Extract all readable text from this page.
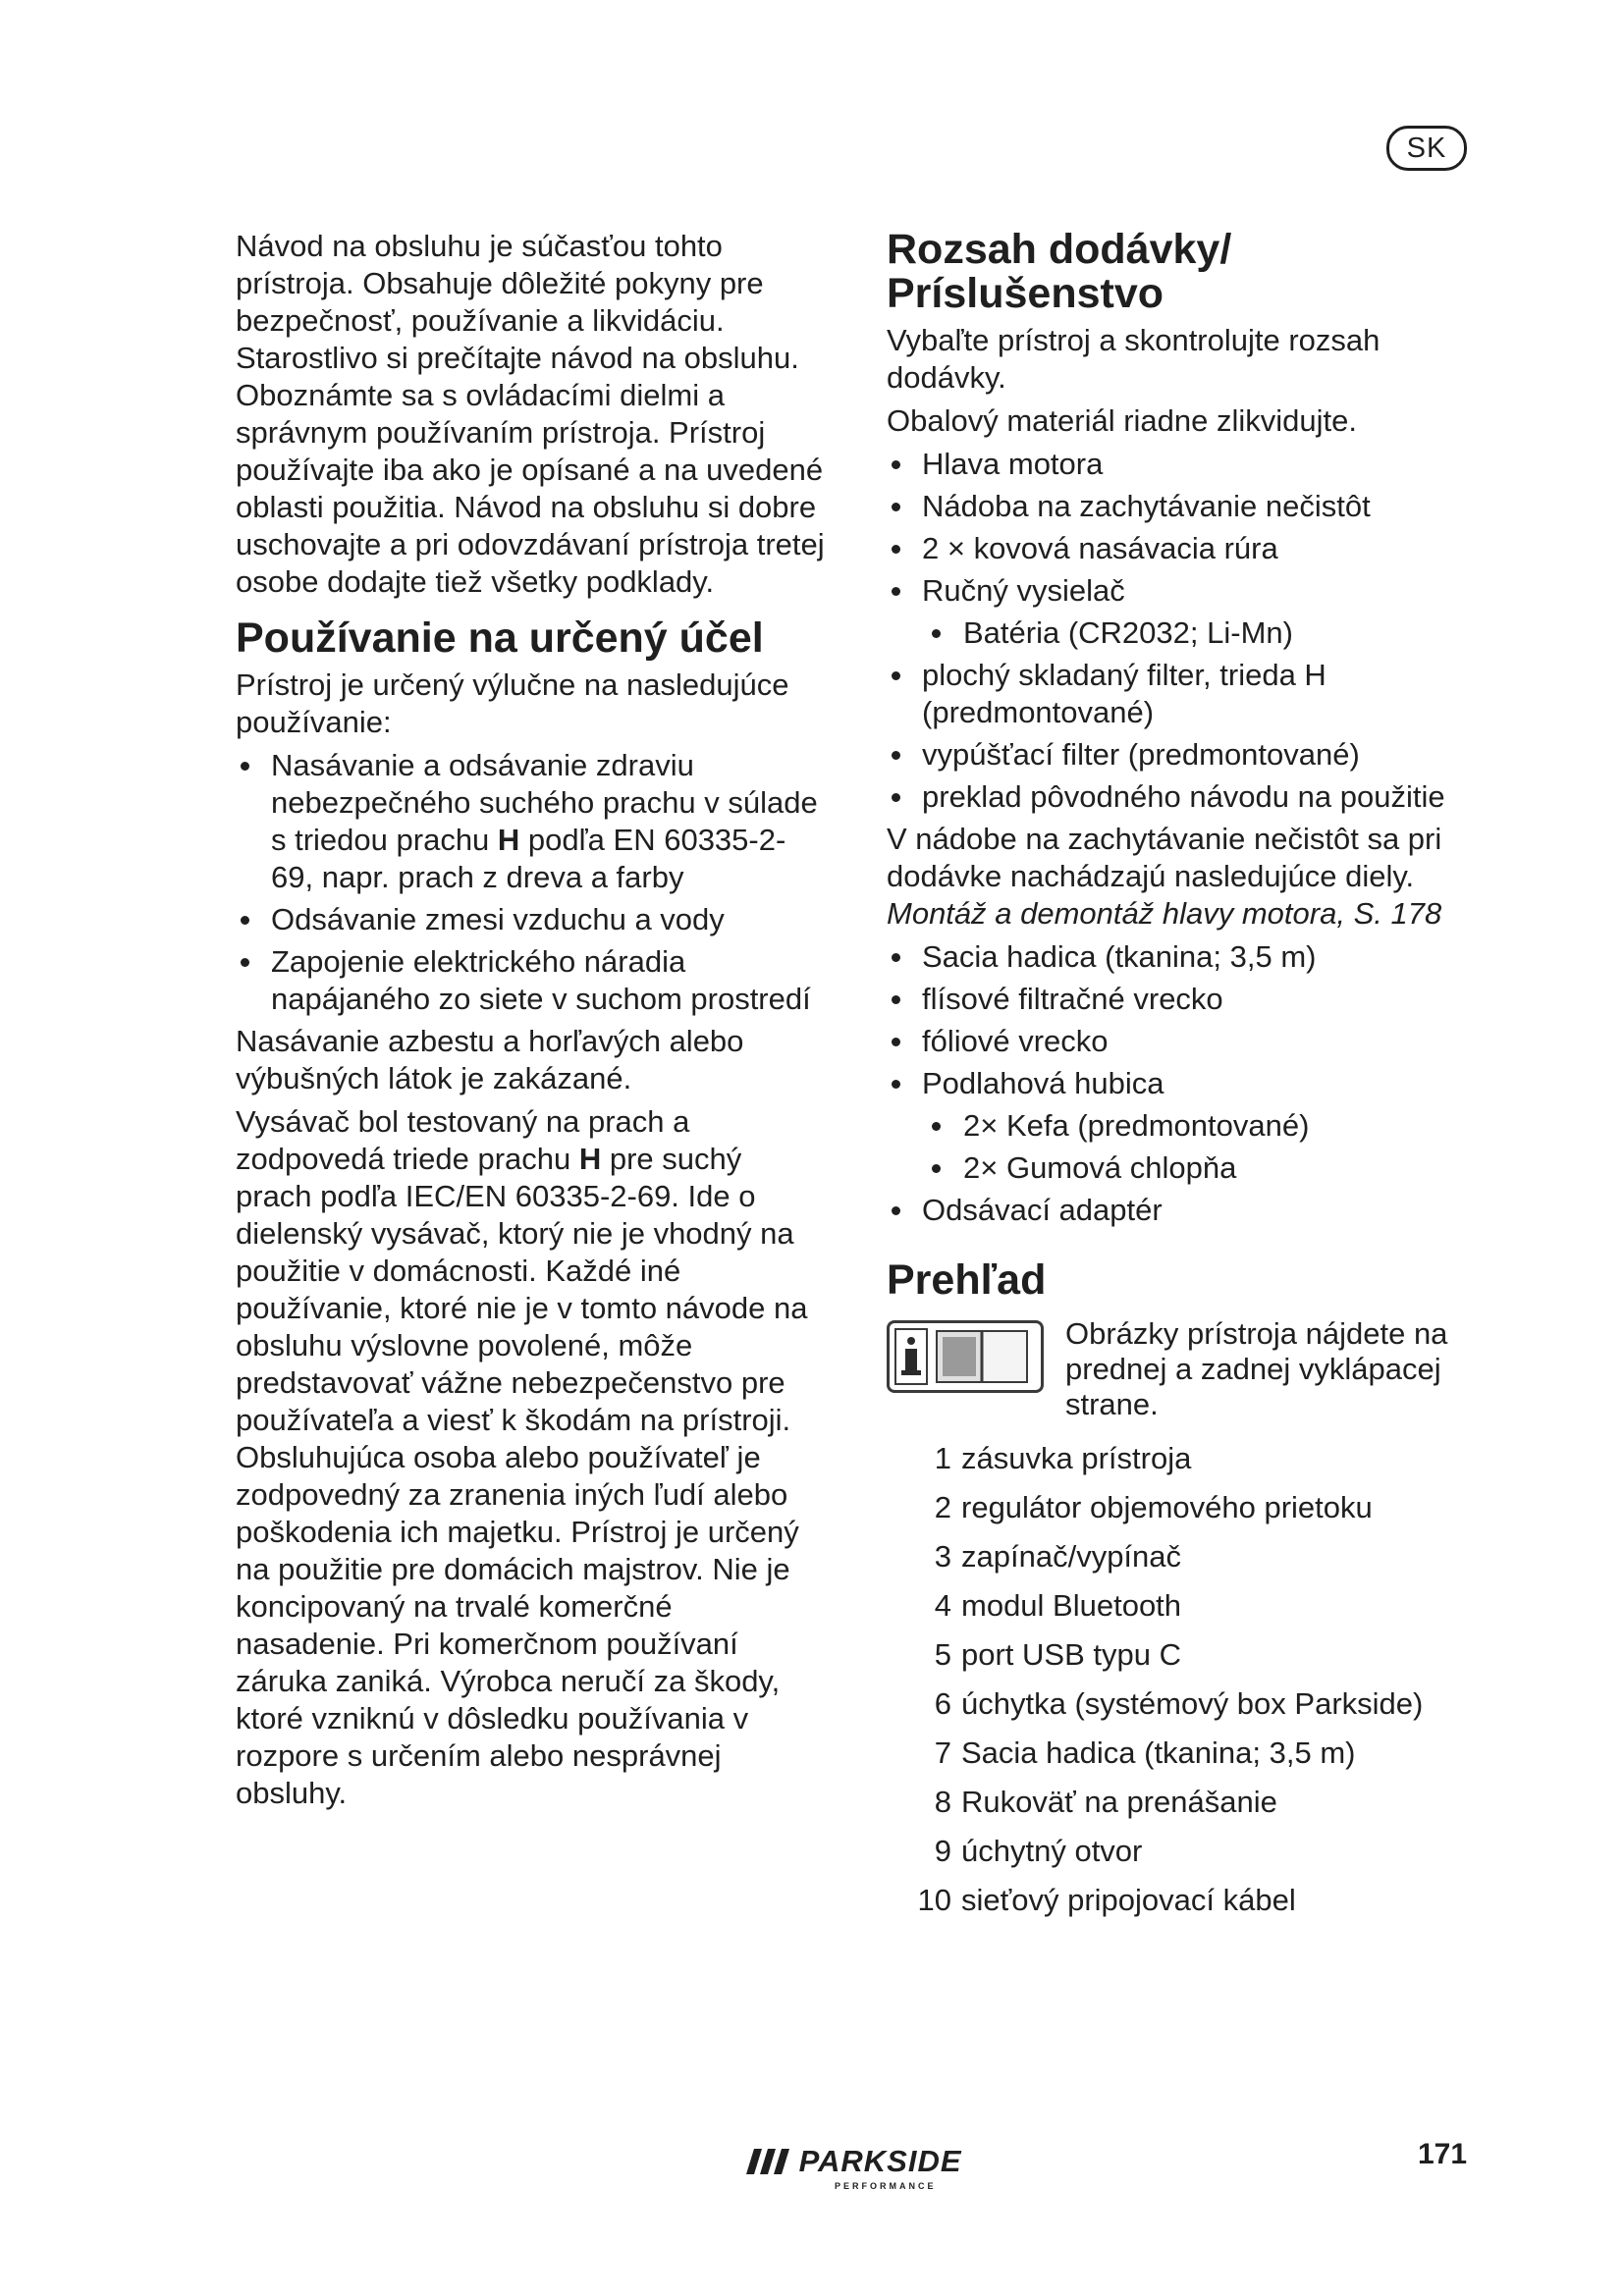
SK

Návod na obsluhu je súčasťou tohto prístroja. Obsahuje dôležité pokyny pre bezpečnosť, používanie a likvidáciu. Starostlivo si prečítajte návod na obsluhu. Oboznámte sa s ovládacími dielmi a správnym používaním prístroja. Prístroj používajte iba ako je opísané a na uvedené oblasti použitia. Návod na obsluhu si dobre uschovajte a pri odovzdávaní prístroja tretej osobe dodajte tiež všetky podklady.

Používanie na určený účel

Prístroj je určený výlučne na nasledujúce používanie:

Nasávanie a odsávanie zdraviu nebezpečného suchého prachu v súlade s triedou prachu H podľa EN 60335-2-69, napr. prach z dreva a farby
Odsávanie zmesi vzduchu a vody
Zapojenie elektrického náradia napájaného zo siete v suchom prostredí

Nasávanie azbestu a horľavých alebo výbušných látok je zakázané.

Vysávač bol testovaný na prach a zodpovedá triede prachu H pre suchý prach podľa IEC/EN 60335-2-69. Ide o dielenský vysávač, ktorý nie je vhodný na použitie v domácnosti. Každé iné používanie, ktoré nie je v tomto návode na obsluhu výslovne povolené, môže predstavovať vážne nebezpečenstvo pre používateľa a viesť k škodám na prístroji. Obsluhujúca osoba alebo používateľ je zodpovedný za zranenia iných ľudí alebo poškodenia ich majetku. Prístroj je určený na použitie pre domácich majstrov. Nie je koncipovaný na trvalé komerčné nasadenie. Pri komerčnom používaní záruka zaniká. Výrobca neručí za škody, ktoré vzniknú v dôsledku používania v rozpore s určením alebo nesprávnej obsluhy.

Rozsah dodávky/
Príslušenstvo

Vybaľte prístroj a skontrolujte rozsah dodávky.

Obalový materiál riadne zlikvidujte.

Hlava motora
Nádoba na zachytávanie nečistôt
2 × kovová nasávacia rúra
Ručný vysielač
Batéria (CR2032; Li-Mn)
plochý skladaný filter, trieda H (predmontované)
vypúšťací filter (predmontované)
preklad pôvodného návodu na použitie

V nádobe na zachytávanie nečistôt sa pri dodávke nachádzajú nasledujúce diely. Montáž a demontáž hlavy motora, S. 178

Sacia hadica (tkanina; 3,5 m)
flísové filtračné vrecko
fóliové vrecko
Podlahová hubica
2× Kefa (predmontované)
2× Gumová chlopňa
Odsávací adaptér
Prehľad
Obrázky prístroja nájdete na prednej a zadnej vyklápacej strane.
1 zásuvka prístroja
2 regulátor objemového prietoku
3 zapínač/vypínač
4 modul Bluetooth
5 port USB typu C
6 úchytka (systémový box Parkside)
7 Sacia hadica (tkanina; 3,5 m)
8 Rukoväť na prenášanie
9 úchytný otvor
10 sieťový pripojovací kábel
PARKSIDE
PERFORMANCE
171
